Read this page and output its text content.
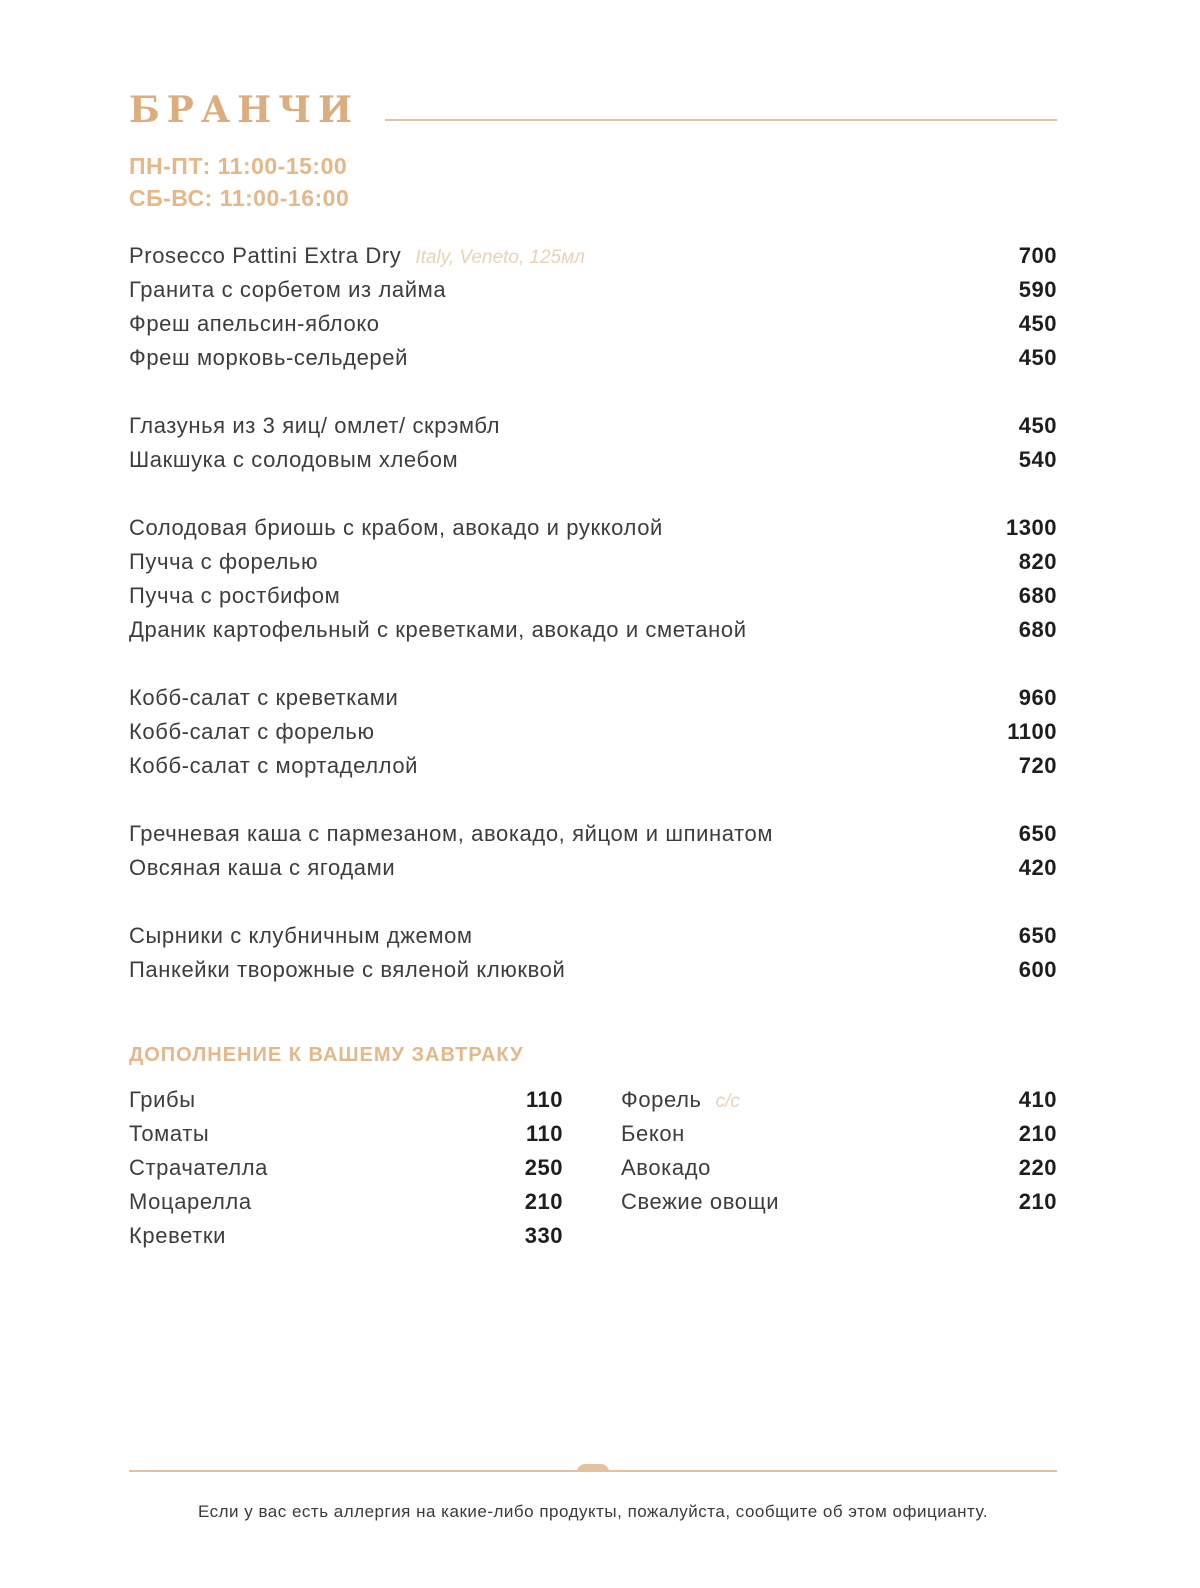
БРАНЧИ
ПН-ПТ: 11:00-15:00
СБ-ВС: 11:00-16:00
Prosecco Pattini Extra Dry Italy, Veneto, 125мл	700
Гранита с сорбетом из лайма	590
Фреш апельсин-яблоко	450
Фреш морковь-сельдерей	450
Глазунья из 3 яиц/ омлет/ скрэмбл	450
Шакшука с солодовым хлебом	540
Солодовая бриошь с крабом, авокадо и рукколой	1300
Пучча с форелью	820
Пучча с ростбифом	680
Драник картофельный с креветками, авокадо и сметаной	680
Кобб-салат с креветками	960
Кобб-салат с форелью	1100
Кобб-салат с мортаделлой	720
Гречневая каша с пармезаном, авокадо, яйцом и шпинатом	650
Овсяная каша с ягодами	420
Сырники с клубничным джемом	650
Панкейки творожные с вяленой клюквой	600
ДОПОЛНЕНИЕ К ВАШЕМУ ЗАВТРАКУ
Грибы	110
Томаты	110
Страчателла	250
Моцарелла	210
Креветки	330
Форель с/с	410
Бекон	210
Авокадо	220
Свежие овощи	210
Если у вас есть аллергия на какие-либо продукты, пожалуйста, сообщите об этом официанту.
